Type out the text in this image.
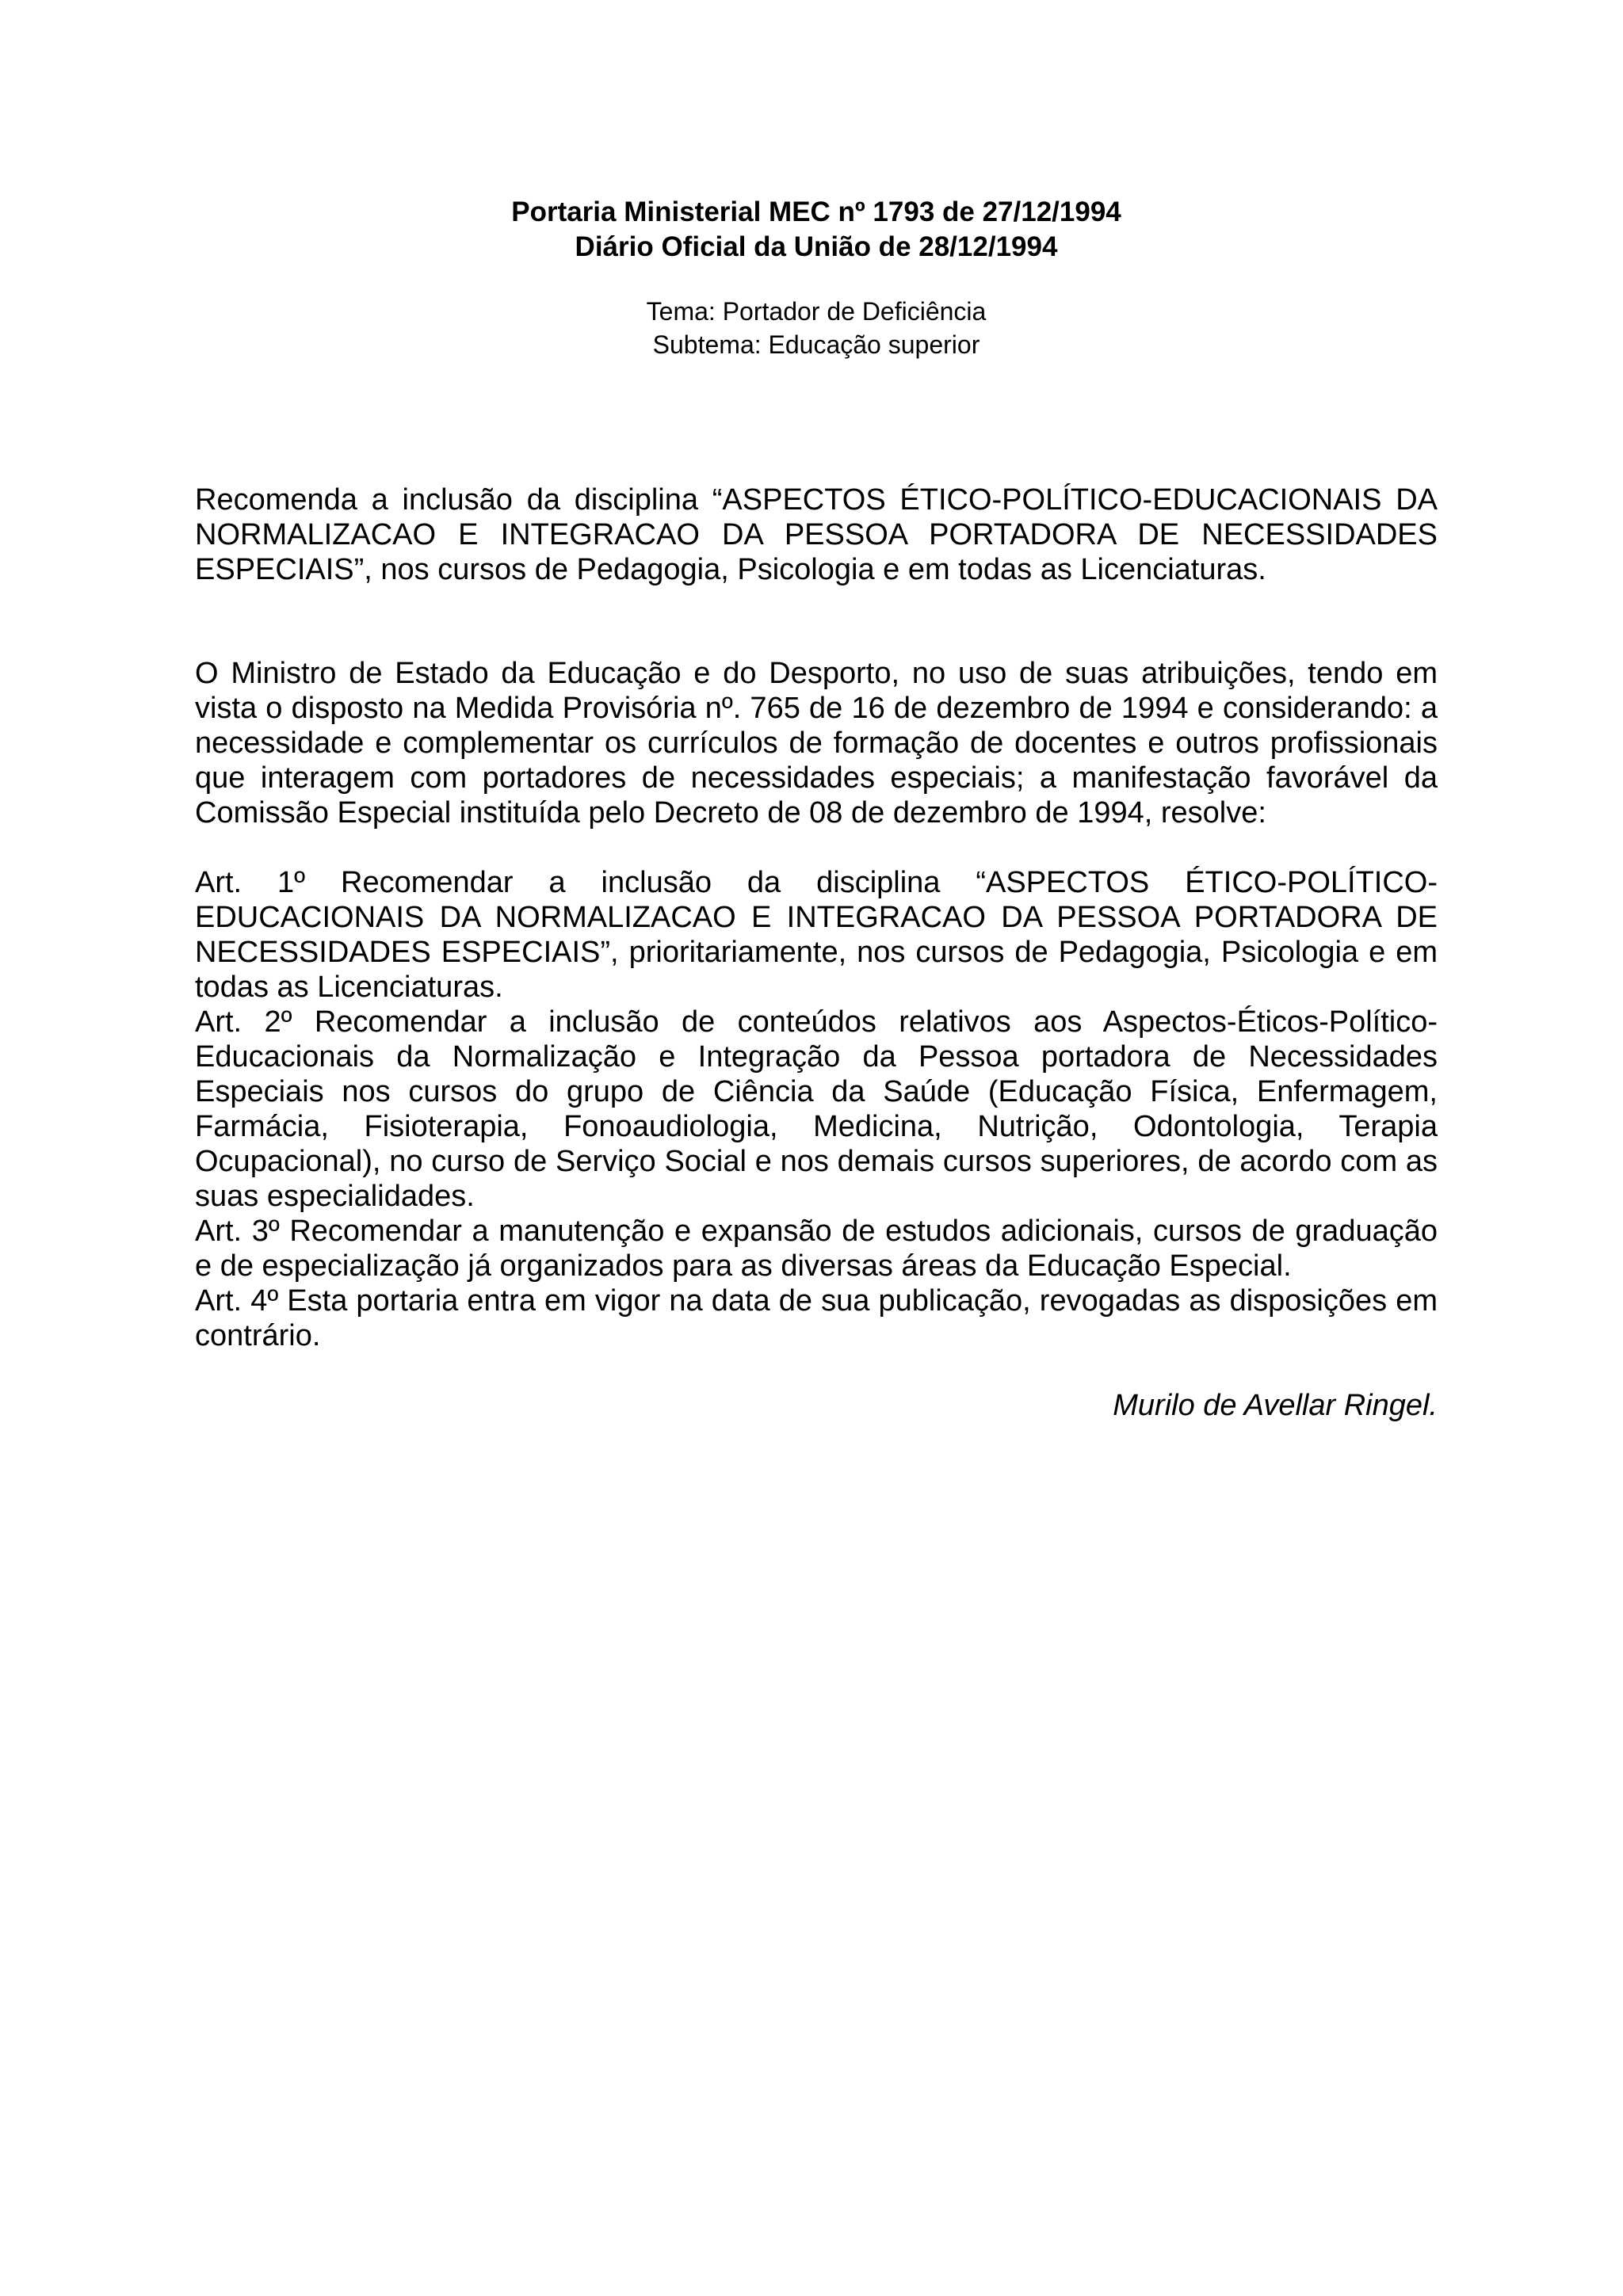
Portaria Ministerial MEC nº 1793 de 27/12/1994

Diário Oficial da União de 28/12/1994

Tema: Portador de Deficiência

Subtema: Educação superior

Recomenda a inclusão da disciplina “ASPECTOS ÉTICO-POLÍTICO-EDUCACIONAIS DA NORMALIZACAO E INTEGRACAO DA PESSOA PORTADORA DE NECESSIDADES ESPECIAIS”, nos cursos de Pedagogia, Psicologia e em todas as Licenciaturas.

O Ministro de Estado da Educação e do Desporto, no uso de suas atribuições, tendo em vista o disposto na Medida Provisória nº. 765 de 16 de dezembro de 1994 e considerando: a necessidade e complementar os currículos de formação de docentes e outros profissionais que interagem com portadores de necessidades especiais; a manifestação favorável da Comissão Especial instituída pelo Decreto de 08 de dezembro de 1994, resolve:

Art. 1º Recomendar a inclusão da disciplina “ASPECTOS ÉTICO-POLÍTICO-EDUCACIONAIS DA NORMALIZACAO E INTEGRACAO DA PESSOA PORTADORA DE NECESSIDADES ESPECIAIS”, prioritariamente, nos cursos de Pedagogia, Psicologia e em todas as Licenciaturas.

Art. 2º Recomendar a inclusão de conteúdos relativos aos Aspectos-Éticos-Político-Educacionais da Normalização e Integração da Pessoa portadora de Necessidades Especiais nos cursos do grupo de Ciência da Saúde (Educação Física, Enfermagem, Farmácia, Fisioterapia, Fonoaudiologia, Medicina, Nutrição, Odontologia, Terapia Ocupacional), no curso de Serviço Social e nos demais cursos superiores, de acordo com as suas especialidades.

Art. 3º Recomendar a manutenção e expansão de estudos adicionais, cursos de graduação e de especialização já organizados para as diversas áreas da Educação Especial.

Art. 4º Esta portaria entra em vigor na data de sua publicação, revogadas as disposições em contrário.

Murilo de Avellar Ringel.
